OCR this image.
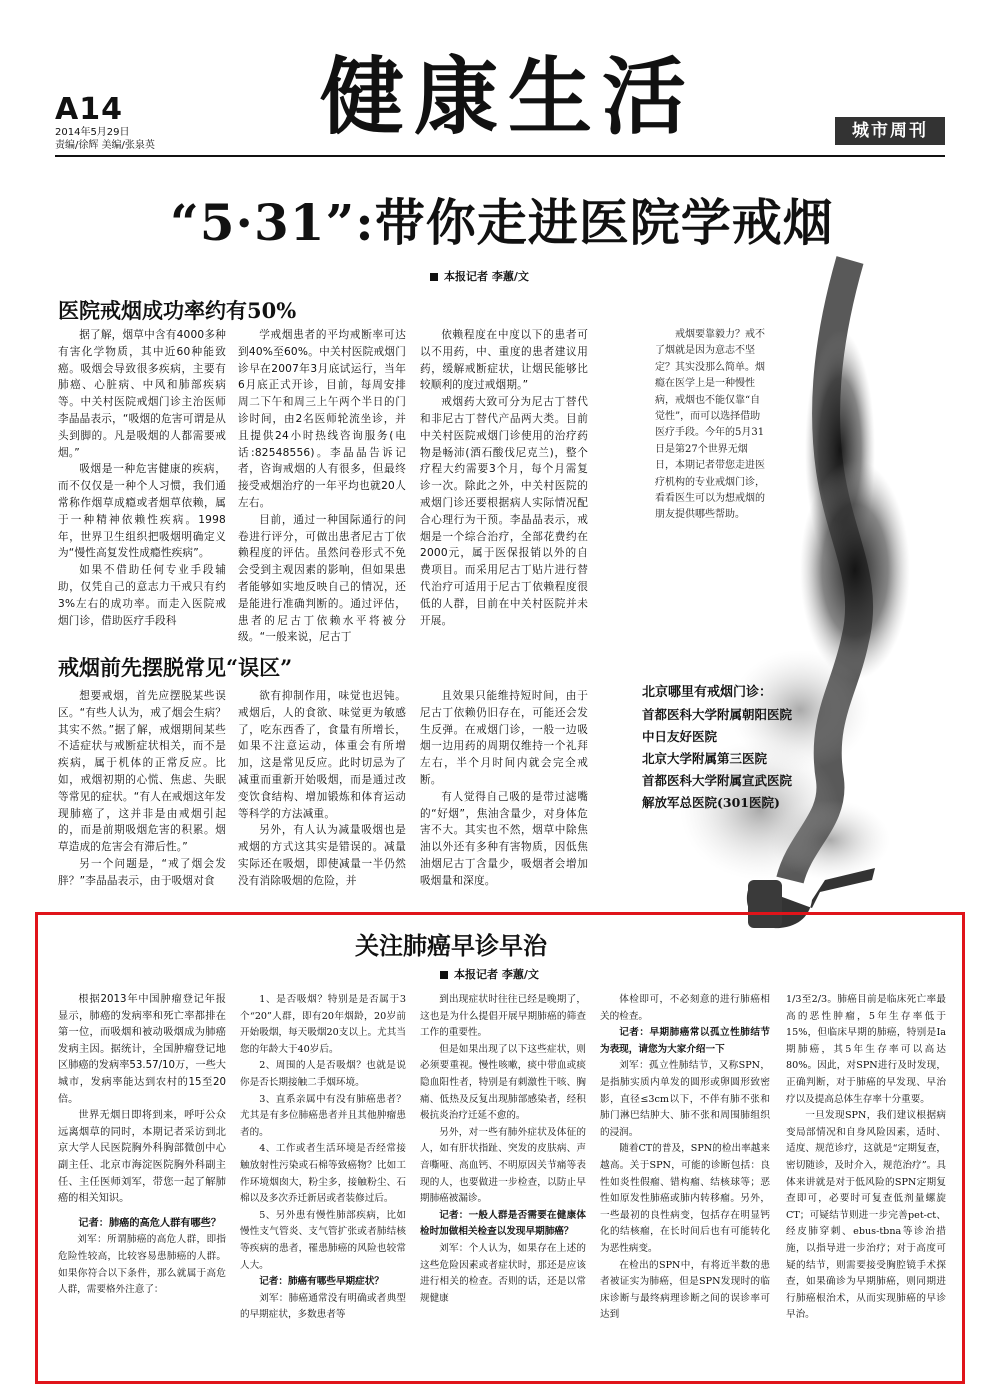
A14
2014年5月29日
责编/徐辉 美编/张泉英 健康生活	城市周刊
“5·31”:带你走进医院学戒烟
本报记者 李蕙/文
医院戒烟成功率约有50%

据了解，烟草中含有4000多种有害化学物质，其中近60种能致癌。吸烟会导致很多疾病，主要有肺癌、心脏病、中风和肺部疾病等。中关村医院戒烟门诊主治医师李晶晶表示，“吸烟的危害可谓是从头到脚的。凡是吸烟的人都需要戒烟。”

吸烟是一种危害健康的疾病，而不仅仅是一种个人习惯，我们通常称作烟草成瘾或者烟草依赖，属于一种精神依赖性疾病。1998年，世界卫生组织把吸烟明确定义为“慢性高复发性成瘾性疾病”。

如果不借助任何专业手段辅助，仅凭自己的意志力干戒只有约3%左右的成功率。而走入医院戒烟门诊，借助医疗手段科

学戒烟患者的平均戒断率可达到40%至60%。中关村医院戒烟门诊早在2007年3月底试运行，当年6月底正式开诊，目前，每周安排周二下午和周三上午两个半日的门诊时间，由2名医师轮流坐诊，并且提供24小时热线咨询服务(电话:82548556)。李晶晶告诉记者，咨询戒烟的人有很多，但最终接受戒烟治疗的一年平均也就20人左右。

目前，通过一种国际通行的问卷进行评分，可做出患者尼古丁依赖程度的评估。虽然问卷形式不免会受到主观因素的影响，但如果患者能够如实地反映自己的情况，还是能进行准确判断的。通过评估，患者的尼古丁依赖水平将被分级。“一般来说，尼古丁

依赖程度在中度以下的患者可以不用药，中、重度的患者建议用药，缓解戒断症状，让烟民能够比较顺利的度过戒烟期。”

戒烟药大致可分为尼古丁替代和非尼古丁替代产品两大类。目前中关村医院戒烟门诊使用的治疗药物是畅沛(酒石酸伐尼克兰)，整个疗程大约需要3个月，每个月需复诊一次。除此之外，中关村医院的戒烟门诊还要根据病人实际情况配合心理行为干预。李晶晶表示，戒烟是一个综合治疗，全部花费约在2000元，属于医保报销以外的自费项目。而采用尼古丁贴片进行替代治疗可适用于尼古丁依赖程度很低的人群，目前在中关村医院并未开展。

戒烟要靠毅力？戒不了烟就是因为意志不坚定？其实没那么简单。烟瘾在医学上是一种慢性病，戒烟也不能仅靠“自觉性”，而可以选择借助医疗手段。今年的5月31日是第27个世界无烟日，本期记者带您走进医疗机构的专业戒烟门诊，看看医生可以为想戒烟的朋友提供哪些帮助。

北京哪里有戒烟门诊：
首都医科大学附属朝阳医院
中日友好医院
北京大学附属第三医院
首都医科大学附属宣武医院
解放军总医院(301医院)
戒烟前先摆脱常见“误区”

想要戒烟，首先应摆脱某些误区。“有些人认为，戒了烟会生病？其实不然。”据了解，戒烟期间某些不适症状与戒断症状相关，而不是疾病，属于机体的正常反应。比如，戒烟初期的心慌、焦虑、失眠等常见的症状。“有人在戒烟这年发现肺癌了，这并非是由戒烟引起的，而是前期吸烟危害的积累。烟草造成的危害会有滞后性。”

另一个问题是，“戒了烟会发胖？”李晶晶表示，由于吸烟对食

欲有抑制作用，味觉也迟钝。戒烟后，人的食欲、味觉更为敏感了，吃东西香了，食量有所增长，如果不注意运动，体重会有所增加，这是常见反应。此时切忌为了减重而重新开始吸烟，而是通过改变饮食结构、增加锻炼和体育运动等科学的方法减重。

另外，有人认为减量吸烟也是戒烟的方式这其实是错误的。减量实际还在吸烟，即使减量一半仍然没有消除吸烟的危险，并

且效果只能维持短时间，由于尼古丁依赖仍旧存在，可能还会发生反弹。在戒烟门诊，一般一边吸烟一边用药的周期仅维持一个礼拜左右，半个月时间内就会完全戒断。

有人觉得自己吸的是带过滤嘴的“好烟”，焦油含量少，对身体危害不大。其实也不然，烟草中除焦油以外还有多种有害物质，因低焦油烟尼古丁含量少，吸烟者会增加吸烟量和深度。

关注肺癌早诊早治
本报记者 李蕙/文

根据2013年中国肿瘤登记年报显示，肺癌的发病率和死亡率都排在第一位，而吸烟和被动吸烟成为肺癌发病主因。据统计，全国肿瘤登记地区肺癌的发病率53.57/10万，一些大城市，发病率能达到农村的15至20倍。

世界无烟日即将到来，呼吁公众远离烟草的同时，本期记者采访到北京大学人民医院胸外科胸部微创中心副主任、北京市海淀医院胸外科副主任、主任医师刘军，带您一起了解肺癌的相关知识。

记者：肺癌的高危人群有哪些？

刘军：所谓肺癌的高危人群，即指危险性较高，比较容易患肺癌的人群。如果你符合以下条件，那么就属于高危人群，需要格外注意了：

1、是否吸烟？特别是是否属于3个“20”人群，即有20年烟龄，20岁前开始吸烟，每天吸烟20支以上。尤其当您的年龄大于40岁后。

2、周围的人是否吸烟？也就是说你是否长期接触二手烟环境。

3、直系亲属中有没有肺癌患者？尤其是有多位肺癌患者并且其他肿瘤患者的。

4、工作或者生活环境是否经常接触放射性污染或石棉等致癌物？比如工作环境烟囱大，粉尘多，接触粉尘、石棉以及多次乔迁新居或者装修过后。

5、另外患有慢性肺部疾病，比如慢性支气管炎、支气管扩张或者肺结核等疾病的患者，罹患肺癌的风险也较常人大。

记者：肺癌有哪些早期症状？

刘军：肺癌通常没有明确或者典型的早期症状，多数患者等

到出现症状时往往已经是晚期了，这也是为什么提倡开展早期肺癌的筛查工作的重要性。

但是如果出现了以下这些症状，则必须要重视。慢性咳嗽，痰中带血或痰隐血阳性者，特别是有刺激性干咳、胸痛、低热及反复出现肺部感染者，经积极抗炎治疗迁延不愈的。

另外，对一些有肺外症状及体征的人，如有肝状指趾、突发的皮肤病、声音嘶哑、高血钙、不明原因关节痛等表现的人，也要做进一步检查，以防止早期肺癌被漏诊。

记者：一般人群是否需要在健康体检时加做相关检查以发现早期肺癌？

刘军：个人认为，如果存在上述的这些危险因素或者症状时，那还是应该进行相关的检查。否则的话，还是以常规健康

体检即可，不必刻意的进行肺癌相关的检查。

记者：早期肺癌常以孤立性肺结节为表现，请您为大家介绍一下

刘军：孤立性肺结节，又称SPN，是指肺实质内单发的圆形或卵圆形致密影，直径≤3cm以下，不伴有肺不张和肺门淋巴结肿大、肺不张和周围肺组织的浸润。

随着CT的普及，SPN的检出率越来越高。关于SPN，可能的诊断包括：良性如炎性假瘤、错构瘤、结核球等；恶性如原发性肺癌或肺内转移瘤。另外，一些最初的良性病变，包括存在明显钙化的结核瘤，在长时间后也有可能转化为恶性病变。

在检出的SPN中，有将近半数的患者被证实为肺癌，但是SPN发现时的临床诊断与最终病理诊断之间的误诊率可达到

1/3至2/3。肺癌目前是临床死亡率最高的恶性肿瘤，5年生存率低于15%，但临床早期的肺癌，特别是Ia期肺癌，其5年生存率可以高达80%。因此，对SPN进行及时发现，正确判断，对于肺癌的早发现、早治疗以及提高总体生存率十分重要。

一旦发现SPN，我们建议根据病变局部情况和自身风险因素，适时、适度、规范诊疗，这就是“定期复查，密切随诊，及时介入，规范治疗”。具体来讲就是对于低风险的SPN定期复查即可，必要时可复查低剂量螺旋CT；可疑结节则进一步完善pet-ct、经皮肺穿刺、ebus-tbna等诊治措施，以指导进一步治疗；对于高度可疑的结节，则需要接受胸腔镜手术探查，如果确诊为早期肺癌，则同期进行肺癌根治术，从而实现肺癌的早诊早治。
